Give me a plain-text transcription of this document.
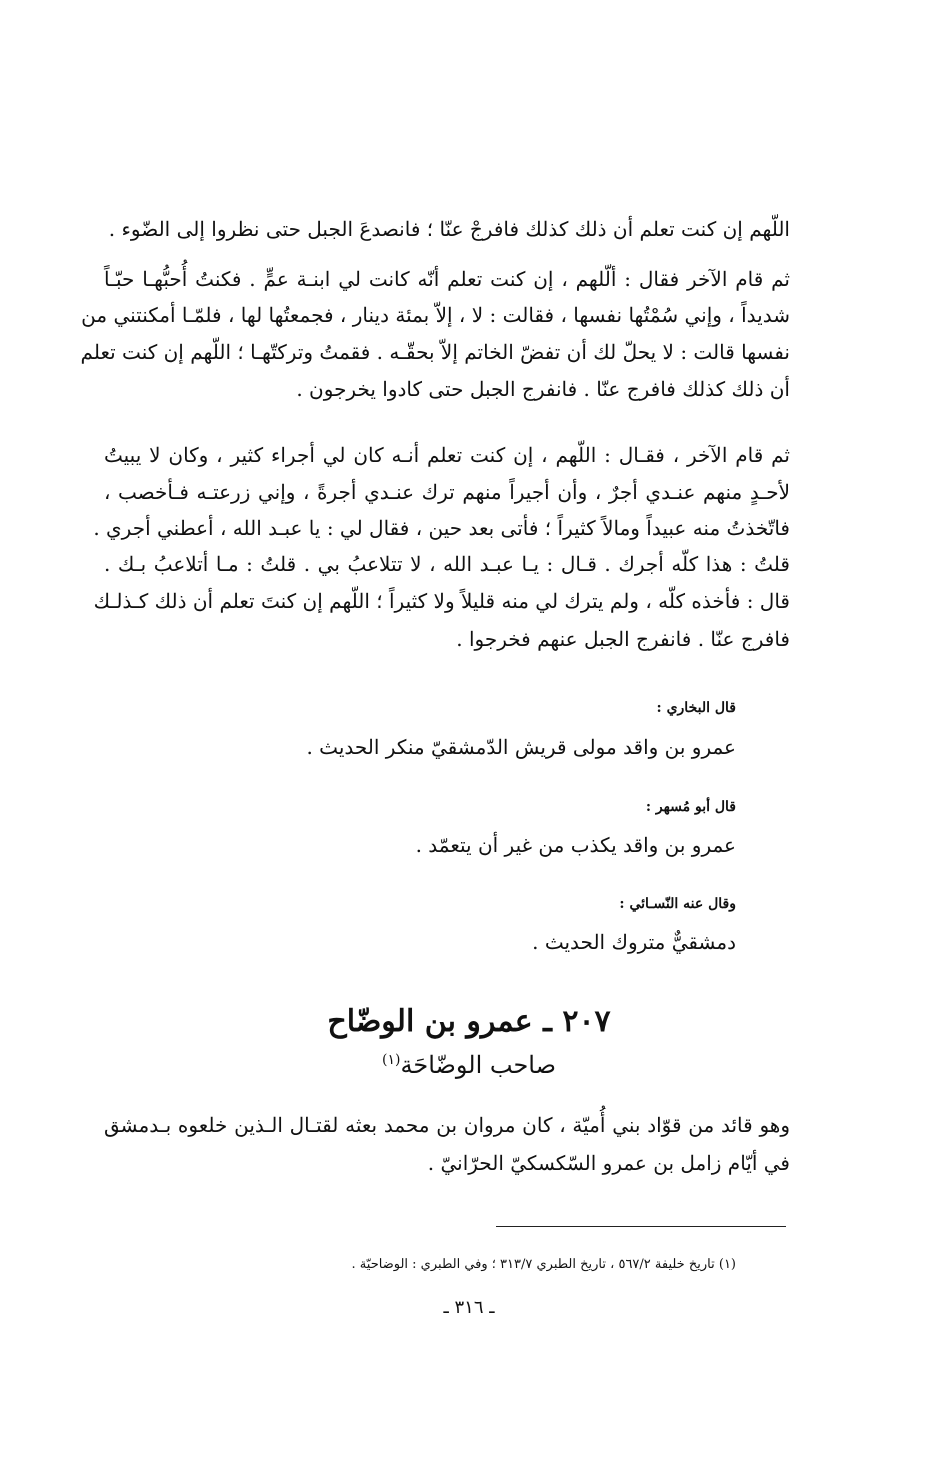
اللّهم إن كنت تعلم أن ذلك كذلك فافرجْ عنّا ؛ فانصدعَ الجبل حتى نظروا إلى الضّوء .

ثم قام الآخر فقال : ألّلهم ، إن كنت تعلم أنّه كانت لي ابنـة عمٍّ . فكنتُ أُحبُّهـا حبّـاً

شديداً ، وإني سُمْتُها نفسها ، فقالت : لا ، إلاّ بمئة دينار ، فجمعتُها لها ، فلمّـا أمكنتني من

نفسها قالت : لا يحلّ لك أن تفضّ الخاتم إلاّ بحقّـه . فقمتُ وتركتّهـا ؛ اللّهم إن كنت تعلم

أن ذلك كذلك فافرج عنّا . فانفرج الجبل حتى كادوا يخرجون .

ثم قام الآخر ، فقـال : اللّهم ، إن كنت تعلم أنـه كان لي أجراء كثير ، وكان لا يبيتُ

لأحـدٍ منهم عنـدي أجرٌ ، وأن أجيراً منهم ترك عنـدي أجرةً ، وإني زرعتـه فـأخصب ،

فاتّخذتُ منه عبيداً ومالاً كثيراً ؛ فأتى بعد حين ، فقال لي : يا عبـد الله ، أعطني أجري .

قلتُ : هذا كلّه أجرك . قـال : يـا عبـد الله ، لا تتلاعبُ بي . قلتُ : مـا أتلاعبُ بـك .

قال : فأخذه كلّه ، ولم يترك لي منه قليلاً ولا كثيراً ؛ اللّهم إن كنتَ تعلم أن ذلك كـذلـك

فافرج عنّا . فانفرج الجبل عنهم فخرجوا .

قال البخاري :

عمرو بن واقد مولى قريش الدّمشقيّ منكر الحديث .

قال أبو مُسهر :

عمرو بن واقد يكذب من غير أن يتعمّد .

وقال عنه النّسـائي :

دمشقيٌّ متروك الحديث .

٢٠٧ ـ عمرو بن الوضّاح

صاحب الوضّاحَة$^{(١)}$

وهو قائد من قوّاد بني أُميّة ، كان مروان بن محمد بعثه لقتـال الـذين خلعوه بـدمشق

في أيّام زامل بن عمرو السّكسكيّ الحرّانيّ .

(١) تاريخ خليفة ٥٦٧/٢ ، تاريخ الطبري ٣١٣/٧ ؛ وفي الطبري : الوضاحيّة .

ـ ٣١٦ ـ
